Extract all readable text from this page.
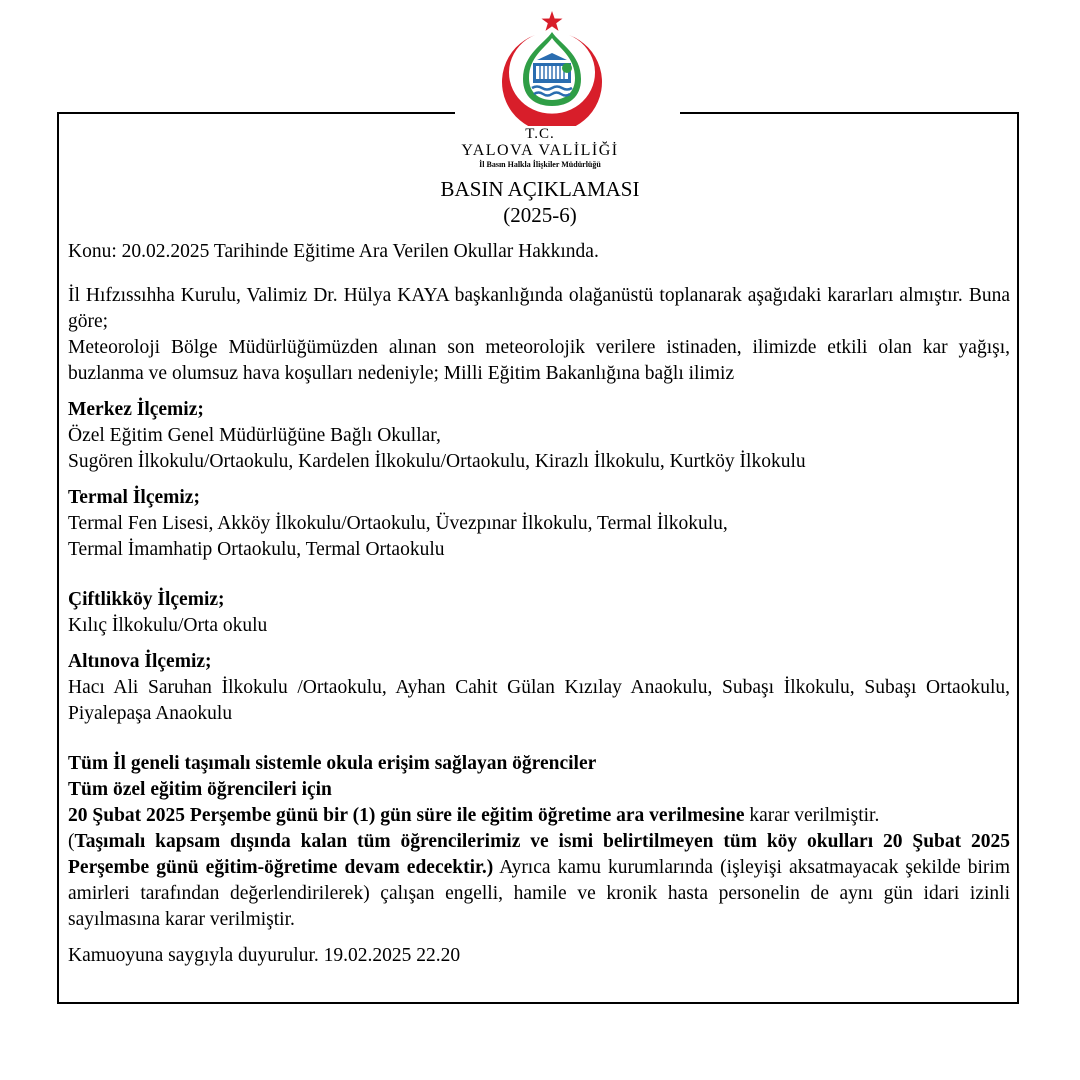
T.C.
YALOVA VALİLİĞİ
İl Basın Halkla İlişkiler Müdürlüğü
BASIN AÇIKLAMASI
(2025-6)

Konu: 20.02.2025 Tarihinde Eğitime Ara Verilen Okullar Hakkında.

İl Hıfzıssıhha Kurulu, Valimiz Dr. Hülya KAYA başkanlığında olağanüstü toplanarak aşağıdaki kararları almıştır. Buna göre;

Meteoroloji Bölge Müdürlüğümüzden alınan son meteorolojik verilere istinaden, ilimizde etkili olan kar yağışı, buzlanma ve olumsuz hava koşulları nedeniyle; Milli Eğitim Bakanlığına bağlı ilimiz

Merkez İlçemiz;

Özel Eğitim Genel Müdürlüğüne Bağlı Okullar,

Sugören İlkokulu/Ortaokulu, Kardelen İlkokulu/Ortaokulu, Kirazlı İlkokulu, Kurtköy İlkokulu

Termal İlçemiz;

Termal Fen Lisesi, Akköy İlkokulu/Ortaokulu, Üvezpınar İlkokulu, Termal İlkokulu,

Termal İmamhatip Ortaokulu, Termal Ortaokulu

Çiftlikköy İlçemiz;

Kılıç İlkokulu/Orta okulu

Altınova İlçemiz;

Hacı Ali Saruhan İlkokulu /Ortaokulu, Ayhan Cahit Gülan Kızılay Anaokulu, Subaşı İlkokulu, Subaşı Ortaokulu, Piyalepaşa Anaokulu

Tüm İl geneli taşımalı sistemle okula erişim sağlayan öğrenciler

Tüm özel eğitim öğrencileri için

20 Şubat 2025 Perşembe günü bir (1) gün süre ile eğitim öğretime ara verilmesine karar verilmiştir.

(Taşımalı kapsam dışında kalan tüm öğrencilerimiz ve ismi belirtilmeyen tüm köy okulları 20 Şubat 2025 Perşembe günü eğitim-öğretime devam edecektir.) Ayrıca kamu kurumlarında (işleyişi aksatmayacak şekilde birim amirleri tarafından değerlendirilerek) çalışan engelli, hamile ve kronik hasta personelin de aynı gün idari izinli sayılmasına karar verilmiştir.

Kamuoyuna saygıyla duyurulur. 19.02.2025 22.20
